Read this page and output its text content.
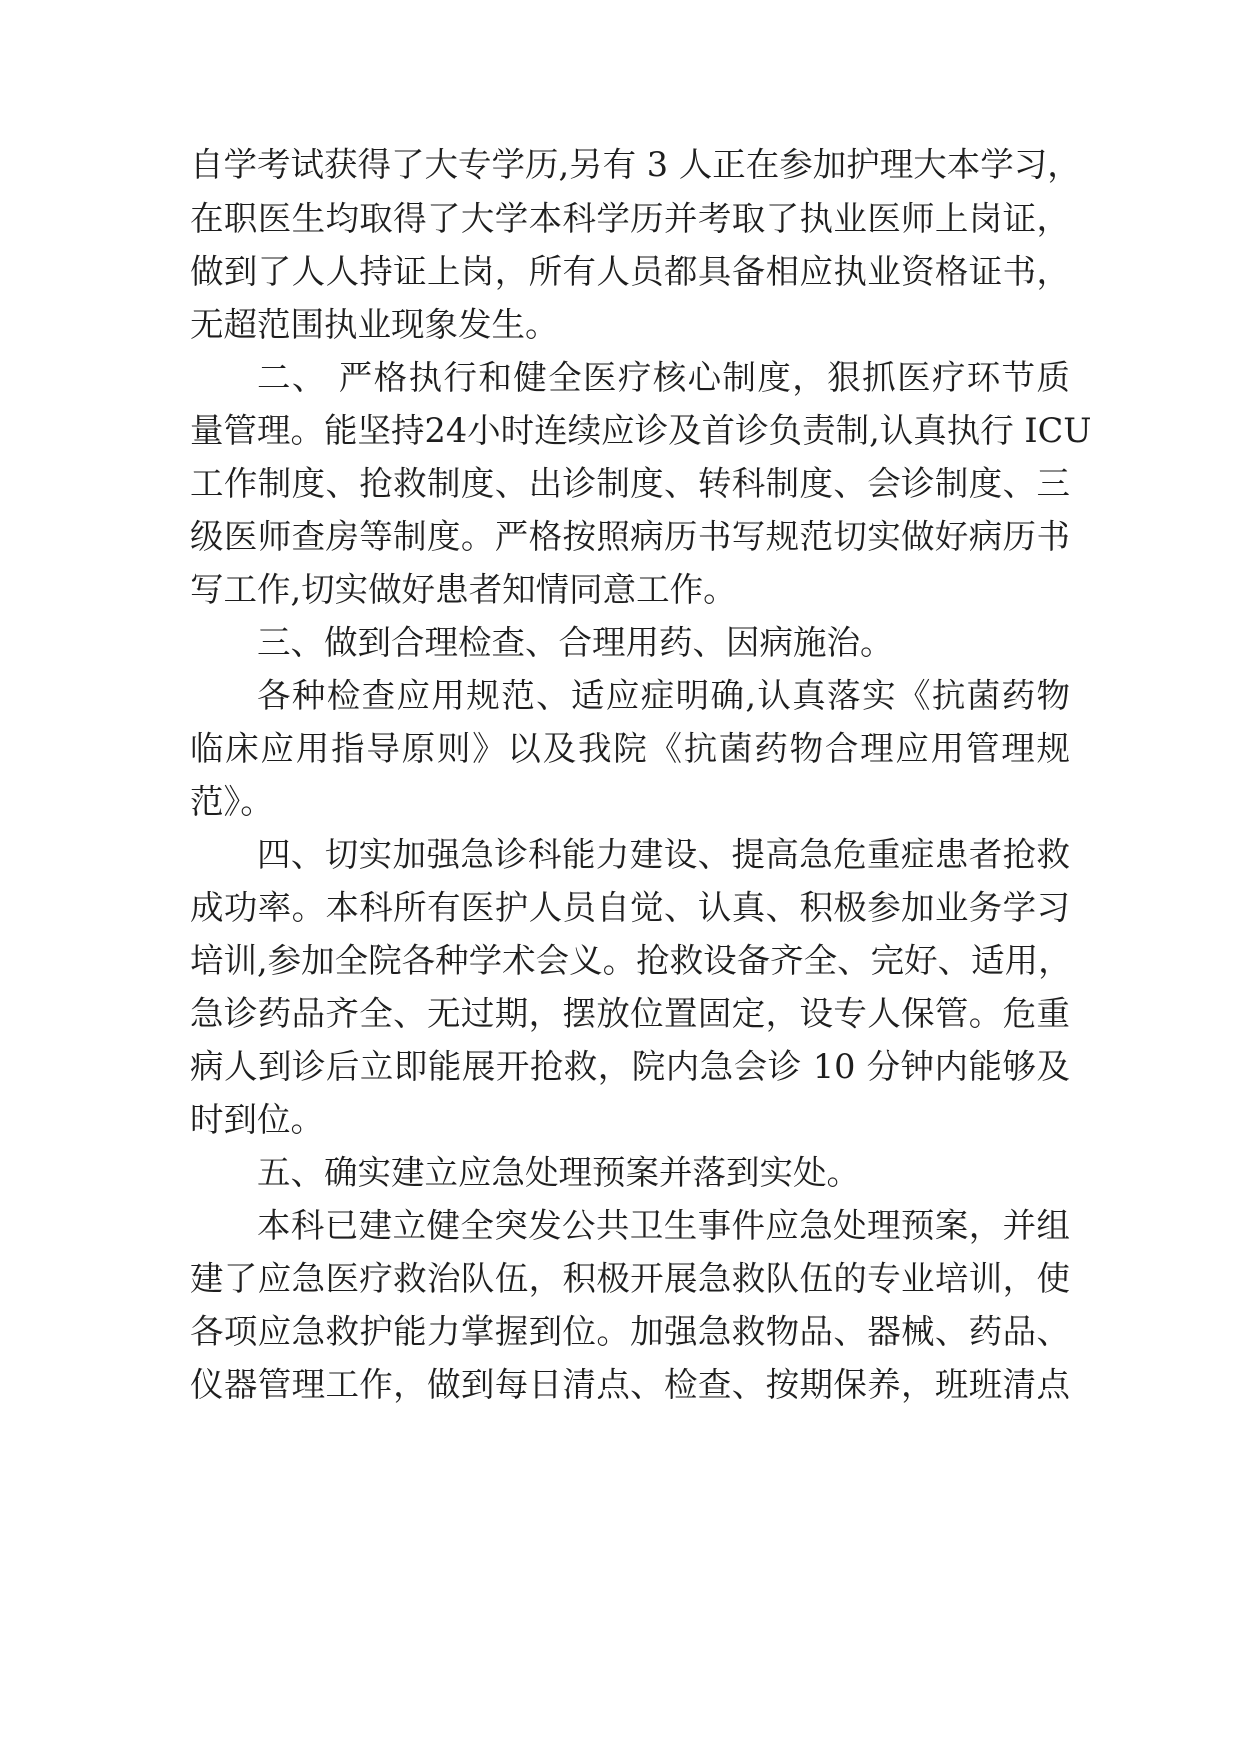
自学考试获得了大专学历,另有 3 人正在参加护理大本学习，
在职医生均取得了大学本科学历并考取了执业医师上岗证，
做到了人人持证上岗，所有人员都具备相应执业资格证书，
无超范围执业现象发生。
二、 严格执行和健全医疗核心制度，狠抓医疗环节质
量管理。能坚持24小时连续应诊及首诊负责制,认真执行 ICU
工作制度、抢救制度、出诊制度、转科制度、会诊制度、三
级医师查房等制度。严格按照病历书写规范切实做好病历书
写工作,切实做好患者知情同意工作。
三、做到合理检查、合理用药、因病施治。
各种检查应用规范、适应症明确,认真落实《抗菌药物
临床应用指导原则》以及我院《抗菌药物合理应用管理规
范》。
四、切实加强急诊科能力建设、提高急危重症患者抢救
成功率。本科所有医护人员自觉、认真、积极参加业务学习
培训,参加全院各种学术会义。抢救设备齐全、完好、适用，
急诊药品齐全、无过期，摆放位置固定，设专人保管。危重
病人到诊后立即能展开抢救，院内急会诊 10 分钟内能够及
时到位。
五、确实建立应急处理预案并落到实处。
本科已建立健全突发公共卫生事件应急处理预案，并组
建了应急医疗救治队伍，积极开展急救队伍的专业培训，使
各项应急救护能力掌握到位。加强急救物品、器械、药品、
仪器管理工作，做到每日清点、检查、按期保养，班班清点
